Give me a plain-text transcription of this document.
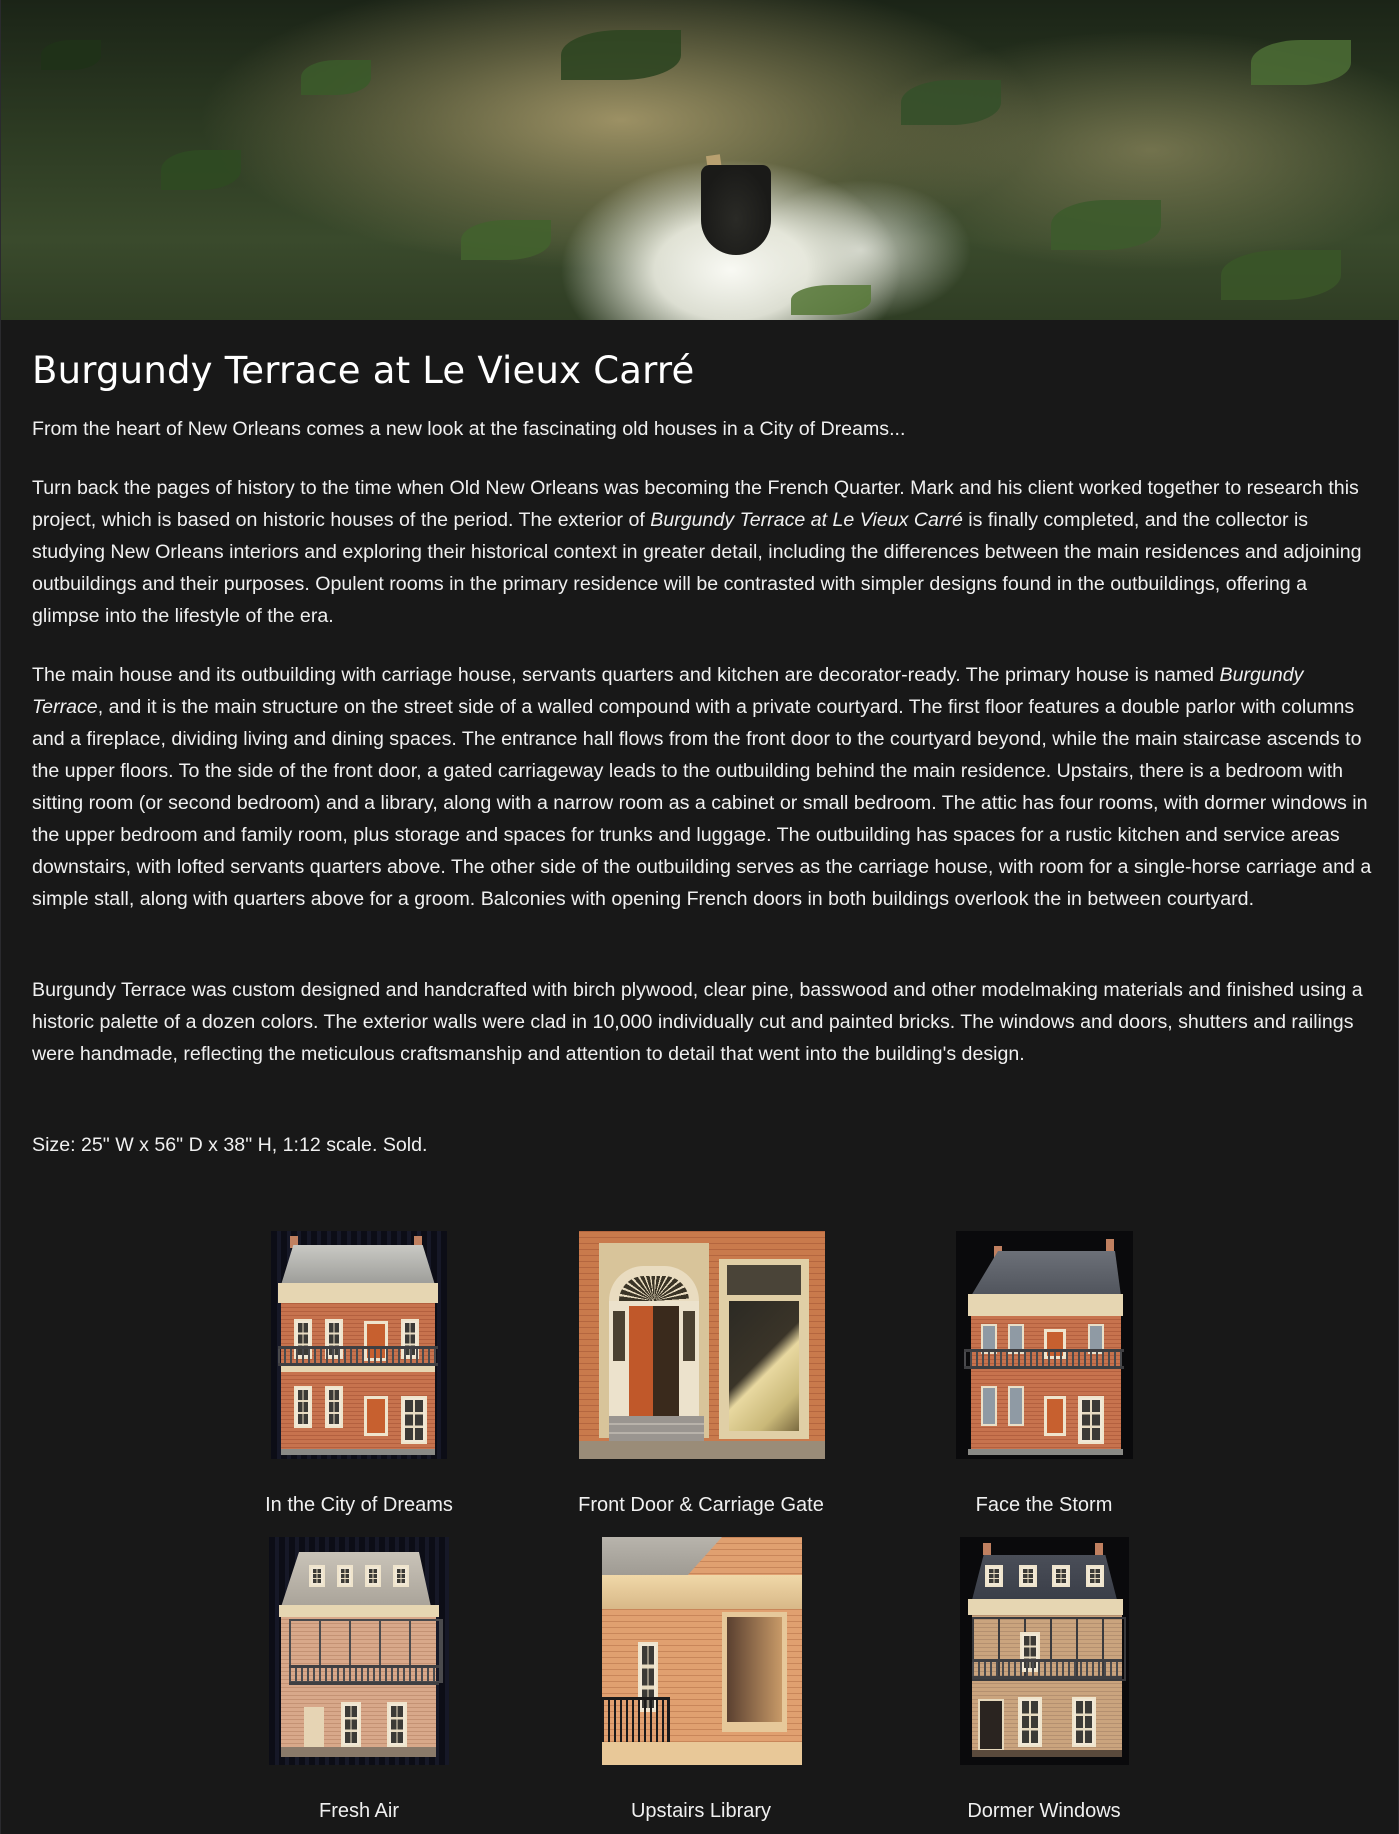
Burgundy Terrace at Le Vieux Carré

From the heart of New Orleans comes a new look at the fascinating old houses in a City of Dreams...

Turn back the pages of history to the time when Old New Orleans was becoming the French Quarter. Mark and his client worked together to research this project, which is based on historic houses of the period. The exterior of Burgundy Terrace at Le Vieux Carré is finally completed, and the collector is studying New Orleans interiors and exploring their historical context in greater detail, including the differences between the main residences and adjoining outbuildings and their purposes. Opulent rooms in the primary residence will be contrasted with simpler designs found in the outbuildings, offering a glimpse into the lifestyle of the era.

The main house and its outbuilding with carriage house, servants quarters and kitchen are decorator-ready. The primary house is named Burgundy Terrace, and it is the main structure on the street side of a walled compound with a private courtyard. The first floor features a double parlor with columns and a fireplace, dividing living and dining spaces. The entrance hall flows from the front door to the courtyard beyond, while the main staircase ascends to the upper floors. To the side of the front door, a gated carriageway leads to the outbuilding behind the main residence. Upstairs, there is a bedroom with sitting room (or second bedroom) and a library, along with a narrow room as a cabinet or small bedroom. The attic has four rooms, with dormer windows in the upper bedroom and family room, plus storage and spaces for trunks and luggage. The outbuilding has spaces for a rustic kitchen and service areas downstairs, with lofted servants quarters above. The other side of the outbuilding serves as the carriage house, with room for a single-horse carriage and a simple stall, along with quarters above for a groom. Balconies with opening French doors in both buildings overlook the in between courtyard.

Burgundy Terrace was custom designed and handcrafted with birch plywood, clear pine, basswood and other modelmaking materials and finished using a historic palette of a dozen colors. The exterior walls were clad in 10,000 individually cut and painted bricks. The windows and doors, shutters and railings were handmade, reflecting the meticulous craftsmanship and attention to detail that went into the building's design.

Size: 25" W x 56" D x 38" H, 1:12 scale. Sold.

In the City of Dreams	Front Door & Carriage Gate	Face the Storm
Fresh Air	Upstairs Library	Dormer Windows
